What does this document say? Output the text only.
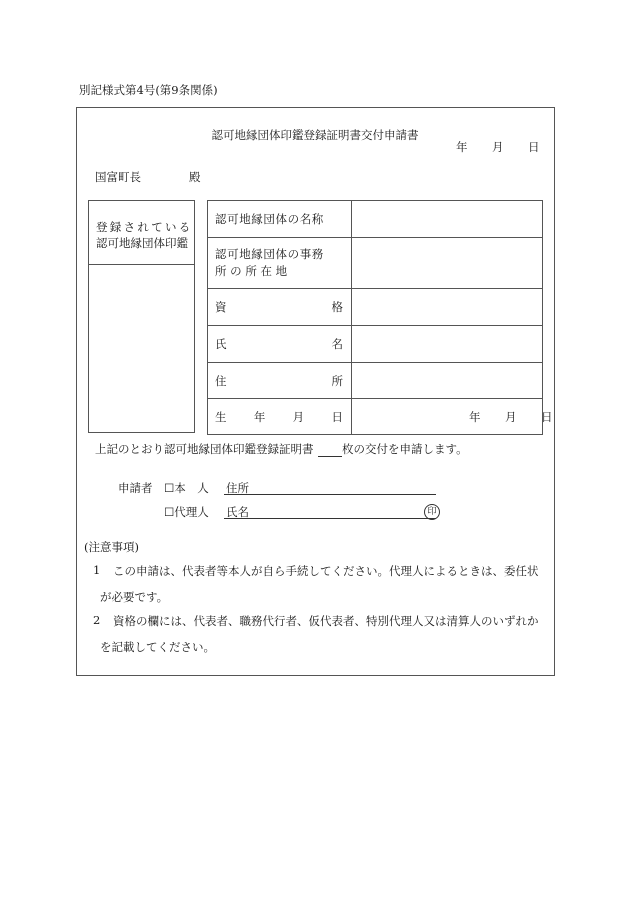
別記様式第4号(第9条関係)
認可地縁団体印鑑登録証明書交付申請書
年 月 日
国富町長	殿
登録されている
認可地縁団体印鑑
認可地縁団体の名称	

認可地縁団体の事務
所 の 所 在 地	

資 格	

氏 名	

住 所	

生 年 月 日	年 月 日
上記のとおり認可地縁団体印鑑登録証明書 枚の交付を申請します。
申請者 ☐本　人 住所
☐代理人 氏名	印
(注意事項)
1 この申請は、代表者等本人が自ら手続してください。代理人によるときは、委任状
が必要です。
2 資格の欄には、代表者、職務代行者、仮代表者、特別代理人又は清算人のいずれか
を記載してください。
